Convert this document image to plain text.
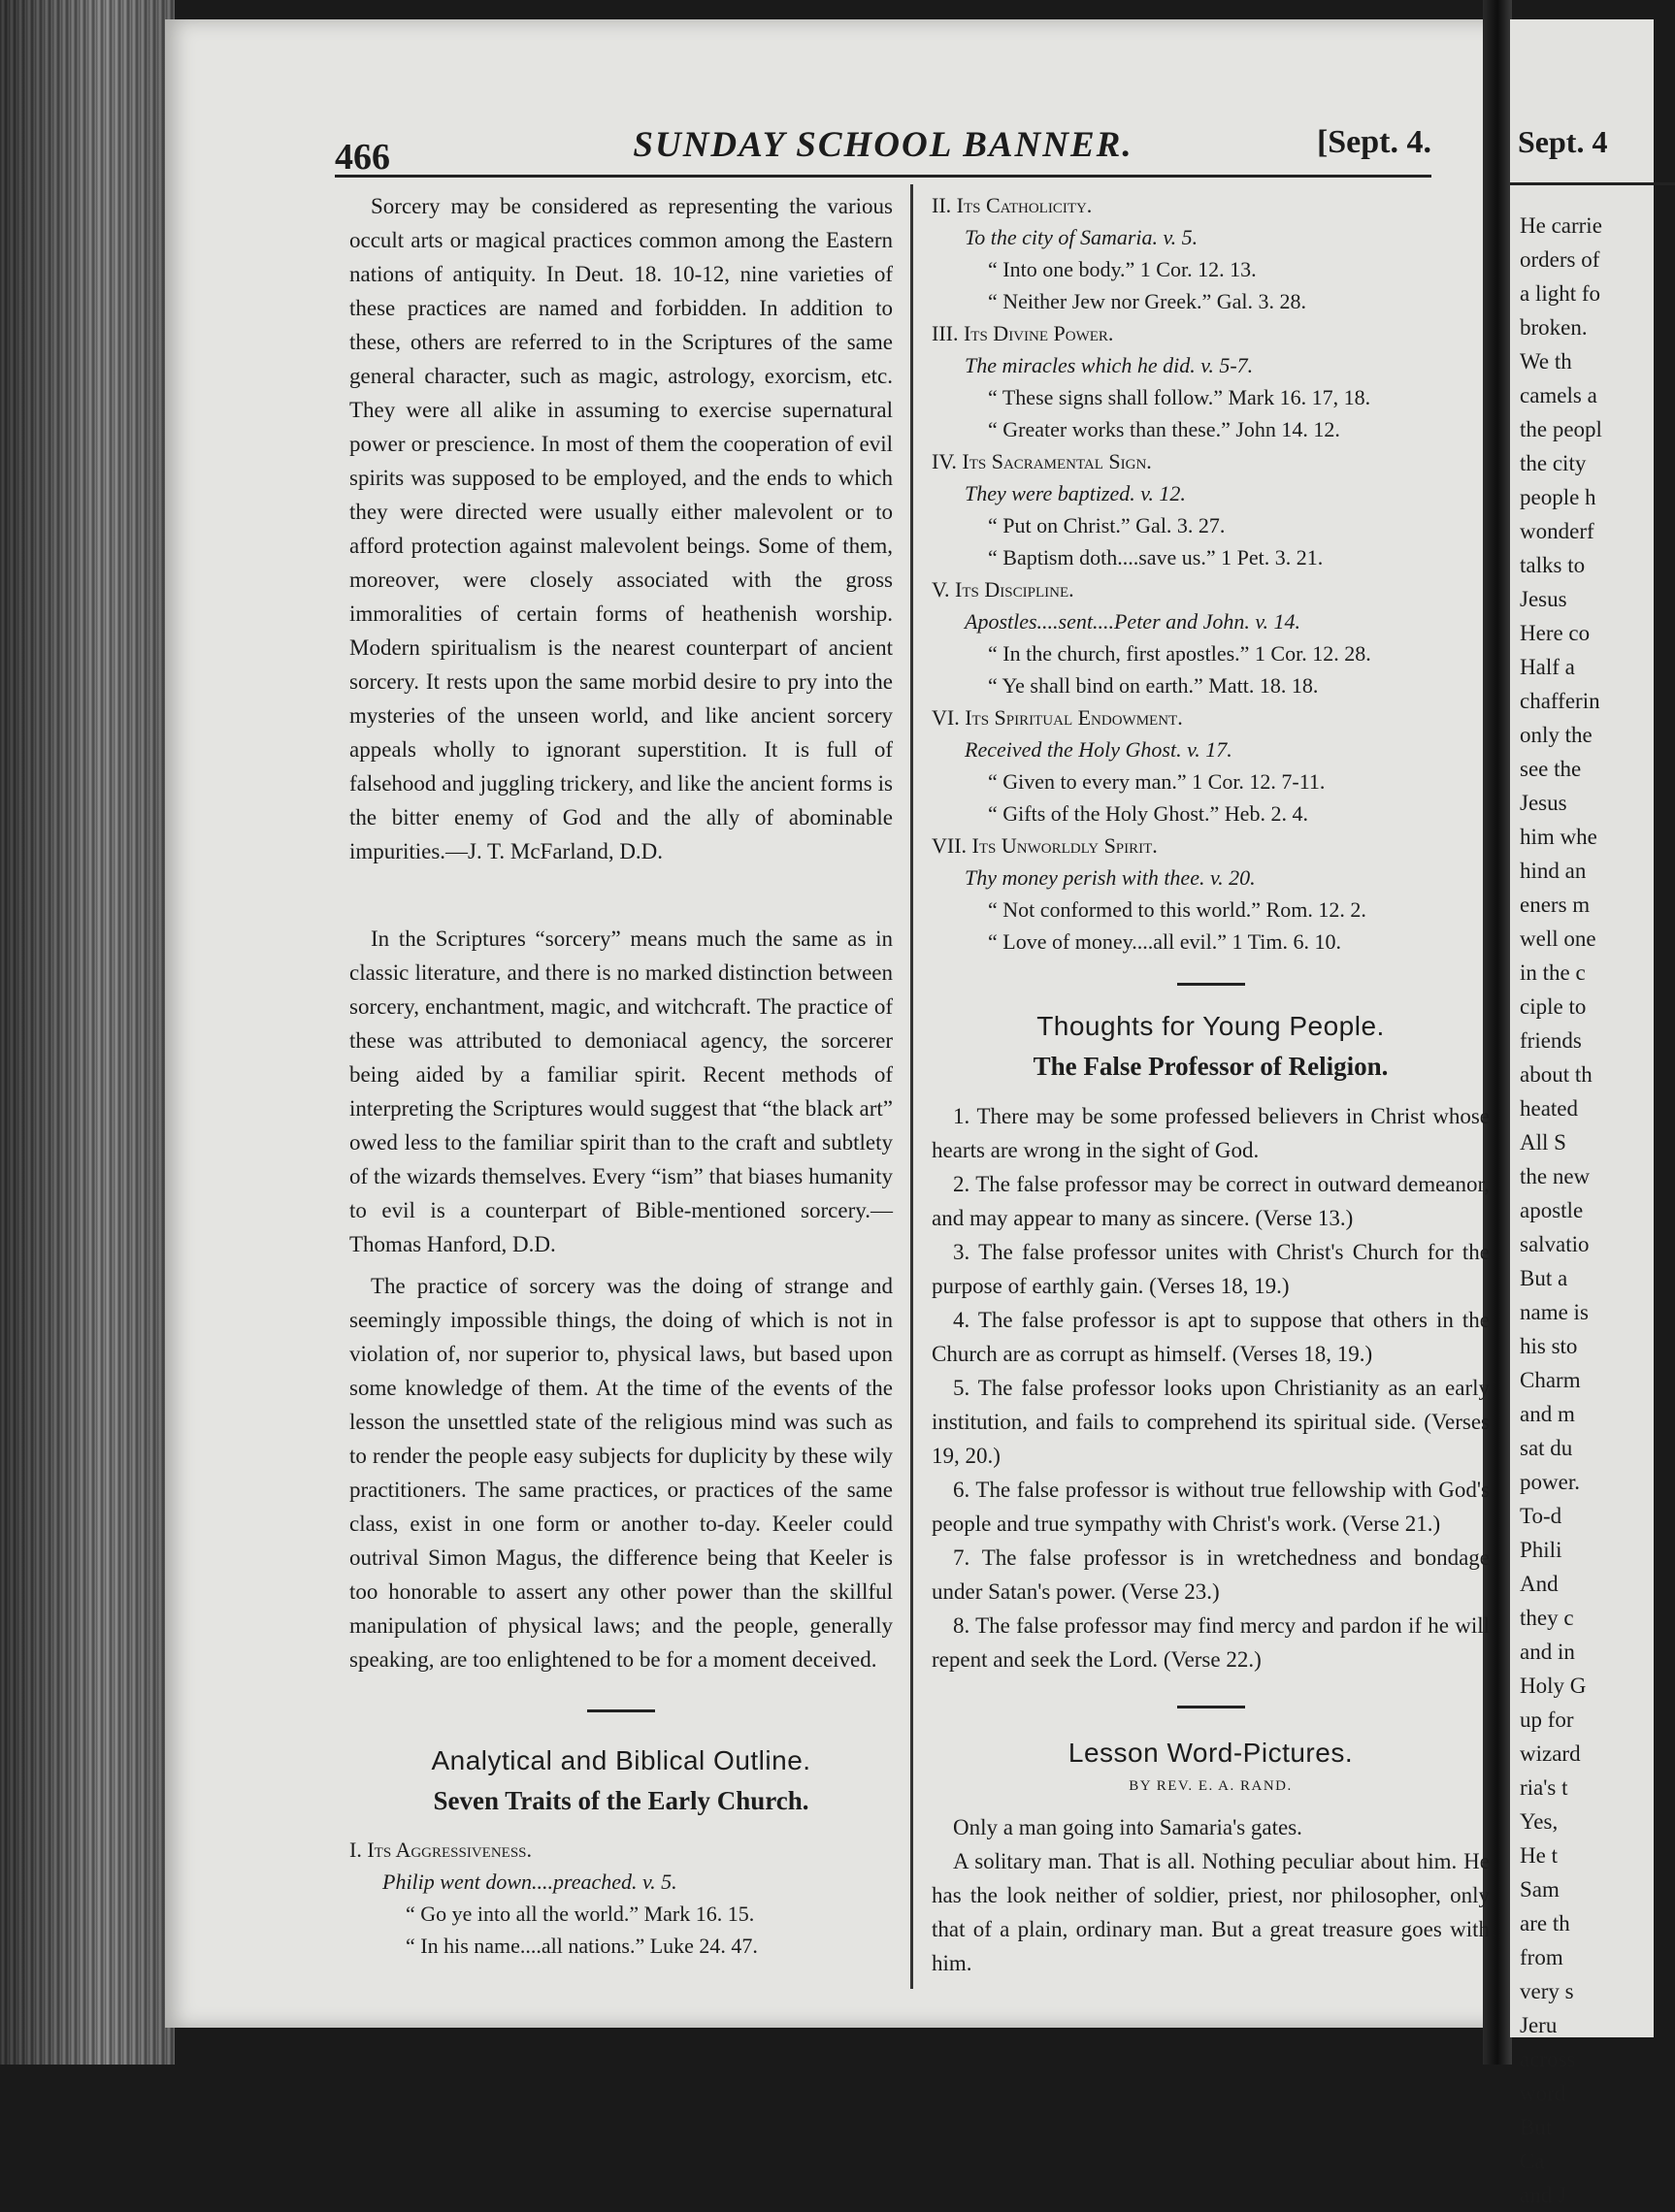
Sept. 4
He carrie
orders of
a light fo
broken.
We th
camels a
the peopl
the city
people h
wonderf
talks to
Jesus
Here co
Half a
chafferin
only the
see the
Jesus
him whe
hind an
eners m
well one
in the c
ciple to
friends
about th
heated
All S
the new
apostle
salvatio
But a
name is
his sto
Charm
and m
sat du
power.
To-d
Phili
And
they c
and in
Holy G
up for
wizard
ria's t
Yes,
He t
Sam
are th
from
very s
Jeru
across
word
But
Ca
and J
466	SUNDAY SCHOOL BANNER.	[Sept. 4.

Sorcery may be considered as representing the various occult arts or magical practices common among the Eastern nations of antiquity. In Deut. 18. 10-12, nine varieties of these practices are named and forbidden. In addition to these, others are referred to in the Scriptures of the same general character, such as magic, astrology, exorcism, etc. They were all alike in assuming to exercise supernatural power or prescience. In most of them the cooperation of evil spirits was supposed to be employed, and the ends to which they were directed were usually either malevolent or to afford protection against malevolent beings. Some of them, moreover, were closely associated with the gross immoralities of certain forms of heathenish worship. Modern spiritualism is the nearest counterpart of ancient sorcery. It rests upon the same morbid desire to pry into the mysteries of the unseen world, and like ancient sorcery appeals wholly to ignorant superstition. It is full of falsehood and juggling trickery, and like the ancient forms is the bitter enemy of God and the ally of abominable impurities.—J. T. McFarland, D.D.

In the Scriptures “sorcery” means much the same as in classic literature, and there is no marked distinction between sorcery, enchantment, magic, and witchcraft. The practice of these was attributed to demoniacal agency, the sorcerer being aided by a familiar spirit. Recent methods of interpreting the Scriptures would suggest that “the black art” owed less to the familiar spirit than to the craft and subtlety of the wizards themselves. Every “ism” that biases humanity to evil is a counterpart of Bible-mentioned sorcery.—Thomas Hanford, D.D.

The practice of sorcery was the doing of strange and seemingly impossible things, the doing of which is not in violation of, nor superior to, physical laws, but based upon some knowledge of them. At the time of the events of the lesson the unsettled state of the religious mind was such as to render the people easy subjects for duplicity by these wily practitioners. The same practices, or practices of the same class, exist in one form or another to-day. Keeler could outrival Simon Magus, the difference being that Keeler is too honorable to assert any other power than the skillful manipulation of physical laws; and the people, generally speaking, are too enlightened to be for a moment deceived.

Analytical and Biblical Outline.
Seven Traits of the Early Church.
I. Its Aggressiveness.
Philip went down....preached. v. 5.
“ Go ye into all the world.” Mark 16. 15.
“ In his name....all nations.” Luke 24. 47.
II. Its Catholicity.
To the city of Samaria. v. 5.
“ Into one body.” 1 Cor. 12. 13.
“ Neither Jew nor Greek.” Gal. 3. 28.
III. Its Divine Power.
The miracles which he did. v. 5-7.
“ These signs shall follow.” Mark 16. 17, 18.
“ Greater works than these.” John 14. 12.
IV. Its Sacramental Sign.
They were baptized. v. 12.
“ Put on Christ.” Gal. 3. 27.
“ Baptism doth....save us.” 1 Pet. 3. 21.
V. Its Discipline.
Apostles....sent....Peter and John. v. 14.
“ In the church, first apostles.” 1 Cor. 12. 28.
“ Ye shall bind on earth.” Matt. 18. 18.
VI. Its Spiritual Endowment.
Received the Holy Ghost. v. 17.
“ Given to every man.” 1 Cor. 12. 7-11.
“ Gifts of the Holy Ghost.” Heb. 2. 4.
VII. Its Unworldly Spirit.
Thy money perish with thee. v. 20.
“ Not conformed to this world.” Rom. 12. 2.
“ Love of money....all evil.” 1 Tim. 6. 10.
Thoughts for Young People.
The False Professor of Religion.

1. There may be some professed believers in Christ whose hearts are wrong in the sight of God.

2. The false professor may be correct in outward demeanor, and may appear to many as sincere. (Verse 13.)

3. The false professor unites with Christ's Church for the purpose of earthly gain. (Verses 18, 19.)

4. The false professor is apt to suppose that others in the Church are as corrupt as himself. (Verses 18, 19.)

5. The false professor looks upon Christianity as an early institution, and fails to comprehend its spiritual side. (Verses 19, 20.)

6. The false professor is without true fellowship with God's people and true sympathy with Christ's work. (Verse 21.)

7. The false professor is in wretchedness and bondage under Satan's power. (Verse 23.)

8. The false professor may find mercy and pardon if he will repent and seek the Lord. (Verse 22.)

Lesson Word-Pictures.
BY REV. E. A. RAND.

Only a man going into Samaria's gates.

A solitary man. That is all. Nothing peculiar about him. He has the look neither of soldier, priest, nor philosopher, only that of a plain, ordinary man. But a great treasure goes with him.
